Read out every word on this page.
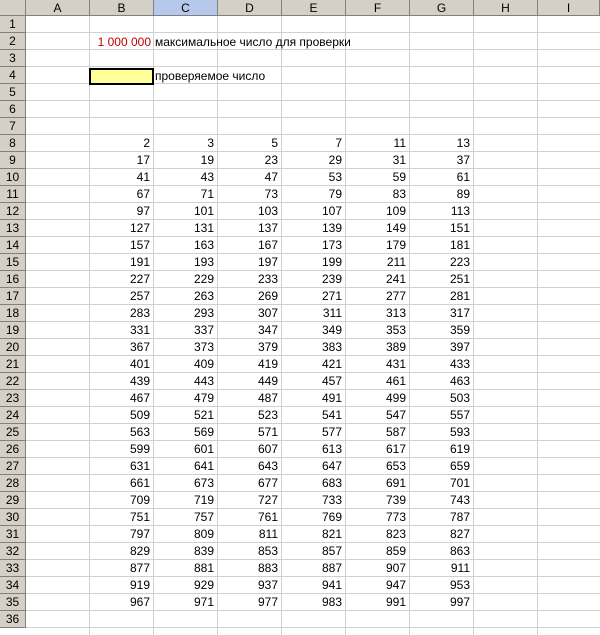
A	B	C	D	E	F	G	H	I
1
2
3
4
5
6
7
8
9
10
11
12
13
14
15
16
17
18
19
20
21
22
23
24
25
26
27
28
29
30
31
32
33
34
35
36
1 000 000 максимальное число для проверки
проверяемое число
2	3	5	7	11	13
17	19	23	29	31	37
41	43	47	53	59	61
67	71	73	79	83	89
97	101	103	107	109	113
127	131	137	139	149	151
157	163	167	173	179	181
191	193	197	199	211	223
227	229	233	239	241	251
257	263	269	271	277	281
283	293	307	311	313	317
331	337	347	349	353	359
367	373	379	383	389	397
401	409	419	421	431	433
439	443	449	457	461	463
467	479	487	491	499	503
509	521	523	541	547	557
563	569	571	577	587	593
599	601	607	613	617	619
631	641	643	647	653	659
661	673	677	683	691	701
709	719	727	733	739	743
751	757	761	769	773	787
797	809	811	821	823	827
829	839	853	857	859	863
877	881	883	887	907	911
919	929	937	941	947	953
967	971	977	983	991	997
